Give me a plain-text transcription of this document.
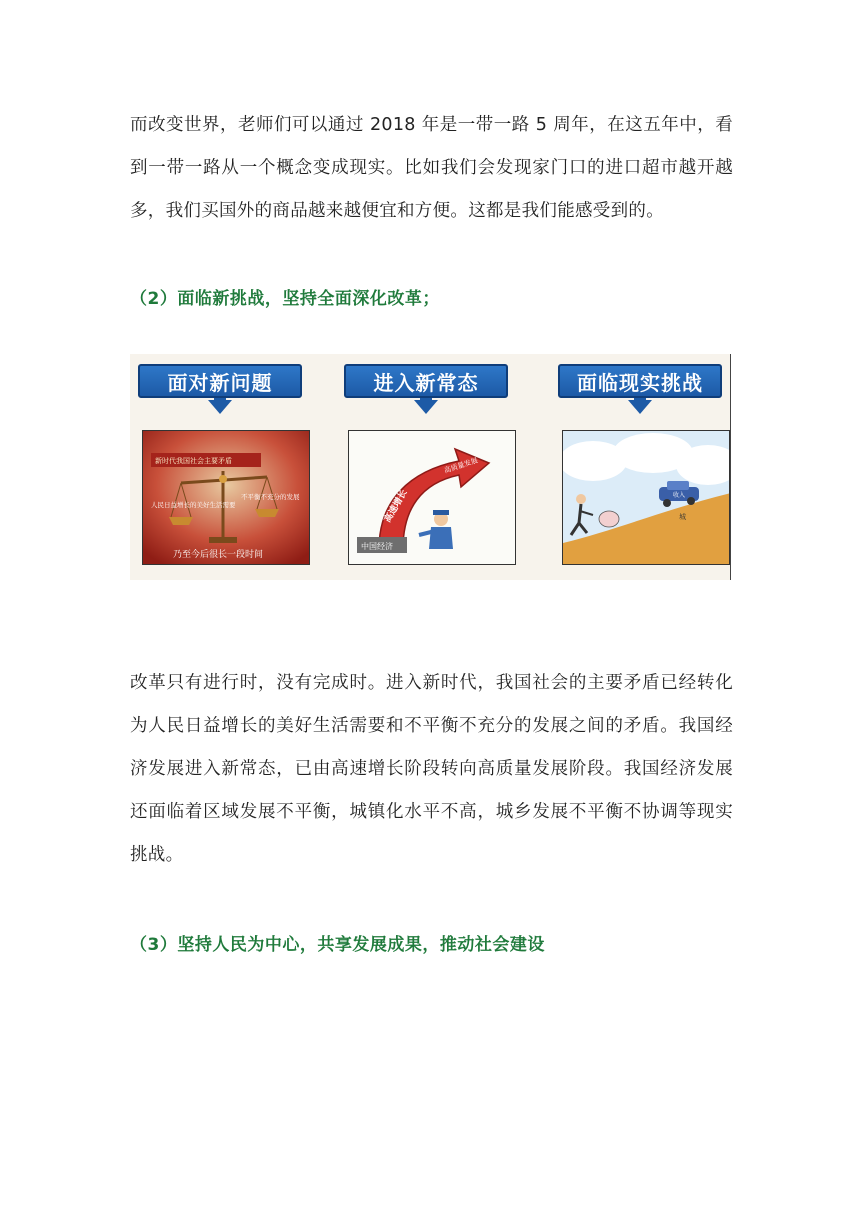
而改变世界，老师们可以通过 2018 年是一带一路 5 周年，在这五年中，看到一带一路从一个概念变成现实。比如我们会发现家门口的进口超市越开越多，我们买国外的商品越来越便宜和方便。这都是我们能感受到的。
（2）面临新挑战，坚持全面深化改革；
面对新问题
新时代我国社会主要矛盾
人民日益增长的美好生活需要
不平衡不充分的发展
乃至今后很长一段时间
进入新常态
高速增长
高质量发展
中国经济
面临现实挑战
收入
城
改革只有进行时，没有完成时。进入新时代，我国社会的主要矛盾已经转化为人民日益增长的美好生活需要和不平衡不充分的发展之间的矛盾。我国经济发展进入新常态，已由高速增长阶段转向高质量发展阶段。我国经济发展还面临着区域发展不平衡，城镇化水平不高，城乡发展不平衡不协调等现实挑战。
（3）坚持人民为中心，共享发展成果，推动社会建设
